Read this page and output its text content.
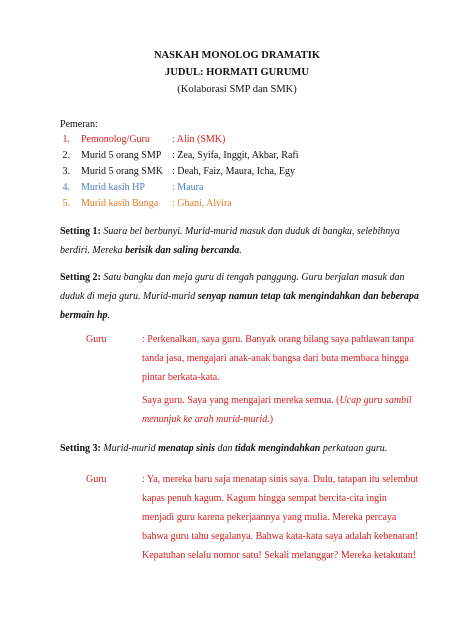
NASKAH MONOLOG DRAMATIK
JUDUL: HORMATI GURUMU
(Kolaborasi SMP dan SMK)
Pemeran:
1. Pemonolog/Guru : Alin (SMK)
2. Murid 5 orang SMP : Zea, Syifa, Inggit, Akbar, Rafi
3. Murid 5 orang SMK : Deah, Faiz, Maura, Icha, Egy
4. Murid kasih HP	: Maura
5. Murid kasih Bunga : Ghani, Alvira
Setting 1: Suara bel berbunyi. Murid-murid masuk dan duduk di bangku, selebihnya berdiri. Mereka berisik dan saling bercanda.
Setting 2: Satu bangku dan meja guru di tengah panggung. Guru berjalan masuk dan duduk di meja guru. Murid-murid senyap namun tetap tak mengindahkan dan beberapa bermain hp.
Guru	: Perkenalkan, saya guru. Banyak orang bilang saya pahlawan tanpa tanda jasa, mengajari anak-anak bangsa dari buta membaca hingga pintar berkata-kata.
Saya guru. Saya yang mengajari mereka semua. (Ucap guru sambil menunjuk ke arah murid-murid.)
Setting 3: Murid-murid menatap sinis dan tidak mengindahkan perkataan guru.
Guru	: Ya, mereka baru saja menatap sinis saya. Dulu, tatapan itu selembut kapas penuh kagum. Kagum hingga sempat bercita-cita ingin menjadi guru karena pekerjaannya yang mulia. Mereka percaya bahwa guru tahu segalanya. Bahwa kata-kata saya adalah kebenaran! Kepatuhan selalu nomor satu! Sekali melanggar? Mereka ketakutan!
